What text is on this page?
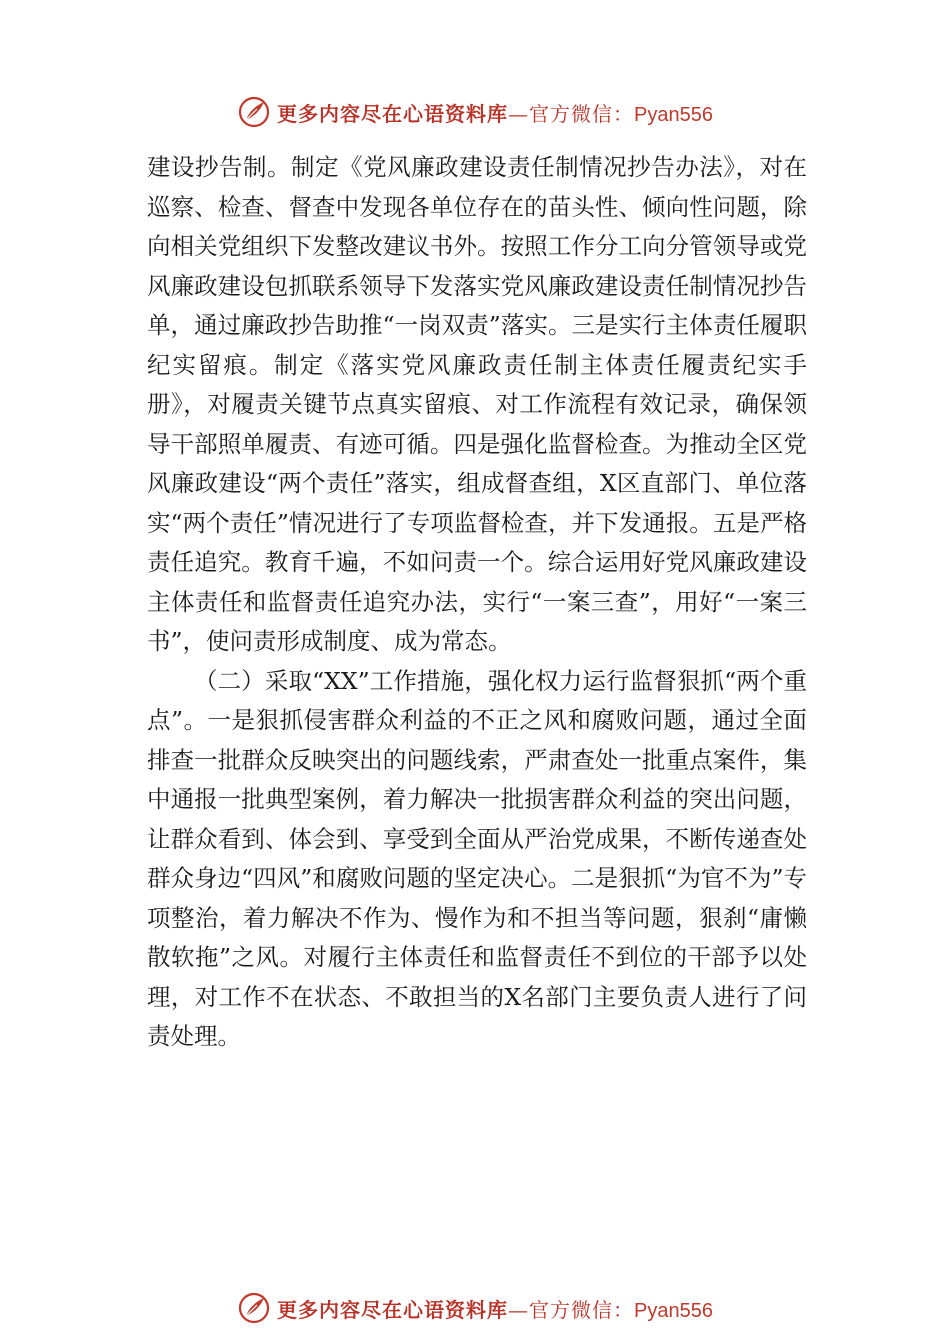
更多内容尽在心语资料库—官方微信：Pyan556

建设抄告制。制定《党风廉政建设责任制情况抄告办法》，对在巡察、检查、督查中发现各单位存在的苗头性、倾向性问题，除向相关党组织下发整改建议书外。按照工作分工向分管领导或党风廉政建设包抓联系领导下发落实党风廉政建设责任制情况抄告单，通过廉政抄告助推“一岗双责”落实。三是实行主体责任履职纪实留痕。制定《落实党风廉政责任制主体责任履责纪实手册》，对履责关键节点真实留痕、对工作流程有效记录，确保领导干部照单履责、有迹可循。四是强化监督检查。为推动全区党风廉政建设“两个责任”落实，组成督查组，X区直部门、单位落实“两个责任”情况进行了专项监督检查，并下发通报。五是严格责任追究。教育千遍，不如问责一个。综合运用好党风廉政建设主体责任和监督责任追究办法，实行“一案三查”，用好“一案三书”，使问责形成制度、成为常态。

（二）采取“XX”工作措施，强化权力运行监督狠抓“两个重点”。一是狠抓侵害群众利益的不正之风和腐败问题，通过全面排查一批群众反映突出的问题线索，严肃查处一批重点案件，集中通报一批典型案例，着力解决一批损害群众利益的突出问题，让群众看到、体会到、享受到全面从严治党成果，不断传递查处群众身边“四风”和腐败问题的坚定决心。二是狠抓“为官不为”专项整治，着力解决不作为、慢作为和不担当等问题，狠刹“庸懒散软拖”之风。对履行主体责任和监督责任不到位的干部予以处理，对工作不在状态、不敢担当的X名部门主要负责人进行了问责处理。

更多内容尽在心语资料库—官方微信：Pyan556
